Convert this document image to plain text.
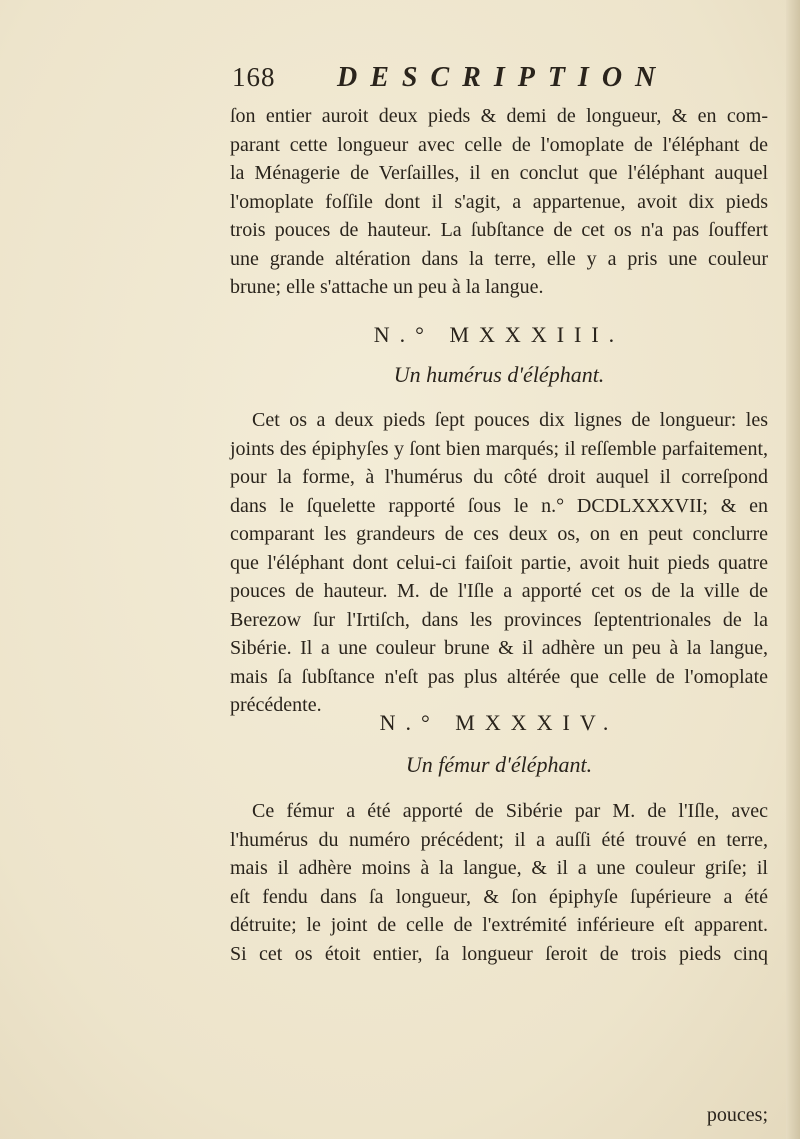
168 DESCRIPTION

ſon entier auroit deux pieds & demi de longueur, & en com-

parant cette longueur avec celle de l'omoplate de l'éléphant de

la Ménagerie de Verſailles, il en conclut que l'éléphant auquel

l'omoplate foſſile dont il s'agit, a appartenue, avoit dix pieds

trois pouces de hauteur. La ſubſtance de cet os n'a pas ſouffert

une grande altération dans la terre, elle y a pris une couleur

brune; elle s'attache un peu à la langue.

N.° MXXXIII.
Un humérus d'éléphant.

Cet os a deux pieds ſept pouces dix lignes de longueur: les

joints des épiphyſes y ſont bien marqués; il reſſemble parfaitement,

pour la forme, à l'humérus du côté droit auquel il correſpond

dans le ſquelette rapporté ſous le n.° DCDLXXXVII; & en

comparant les grandeurs de ces deux os, on en peut conclurre

que l'éléphant dont celui-ci faiſoit partie, avoit huit pieds quatre

pouces de hauteur. M. de l'Iſle a apporté cet os de la ville de

Berezow ſur l'Irtiſch, dans les provinces ſeptentrionales de la

Sibérie. Il a une couleur brune & il adhère un peu à la langue,

mais ſa ſubſtance n'eſt pas plus altérée que celle de l'omoplate

précédente.

N.° MXXXIV.
Un fémur d'éléphant.

Ce fémur a été apporté de Sibérie par M. de l'Iſle, avec

l'humérus du numéro précédent; il a auſſi été trouvé en terre,

mais il adhère moins à la langue, & il a une couleur griſe; il

eſt fendu dans ſa longueur, & ſon épiphyſe ſupérieure a été

détruite; le joint de celle de l'extrémité inférieure eſt apparent.

Si cet os étoit entier, ſa longueur ſeroit de trois pieds cinq

pouces;
